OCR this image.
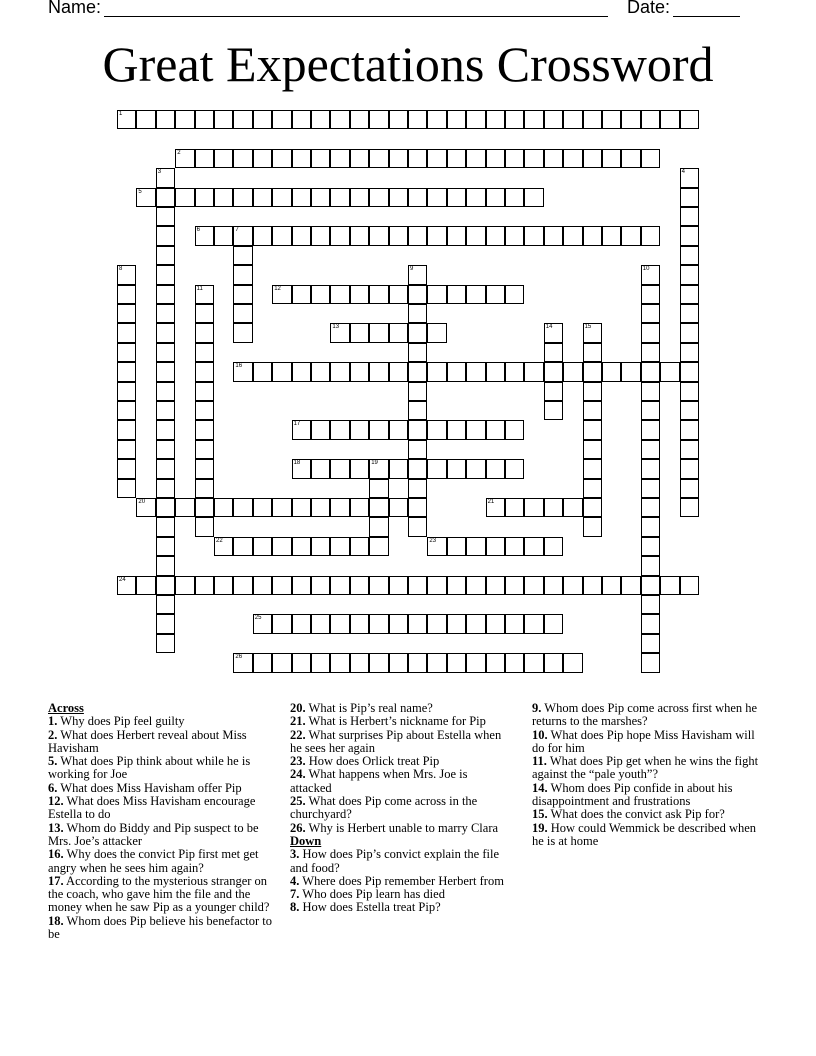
Name:	Date:
Great Expectations Crossword
1
2
3	4
5
6	7
8	9	10
11	12
13	14	15
16
17
18	19
20	21
22	23
24
25
26
Across
1. Why does Pip feel guilty
2. What does Herbert reveal about Miss Havisham
5. What does Pip think about while he is working for Joe
6. What does Miss Havisham offer Pip
12. What does Miss Havisham encourage Estella to do
13. Whom do Biddy and Pip suspect to be Mrs. Joe’s attacker
16. Why does the convict Pip first met get angry when he sees him again?
17. According to the mysterious stranger on the coach, who gave him the file and the money when he saw Pip as a younger child?
18. Whom does Pip believe his benefactor to be
20. What is Pip’s real name?
21. What is Herbert’s nickname for Pip
22. What surprises Pip about Estella when he sees her again
23. How does Orlick treat Pip
24. What happens when Mrs. Joe is attacked
25. What does Pip come across in the churchyard?
26. Why is Herbert unable to marry Clara
Down
3. How does Pip’s convict explain the file and food?
4. Where does Pip remember Herbert from
7. Who does Pip learn has died
8. How does Estella treat Pip?
9. Whom does Pip come across first when he returns to the marshes?
10. What does Pip hope Miss Havisham will do for him
11. What does Pip get when he wins the fight against the “pale youth”?
14. Whom does Pip confide in about his disappointment and frustrations
15. What does the convict ask Pip for?
19. How could Wemmick be described when he is at home
